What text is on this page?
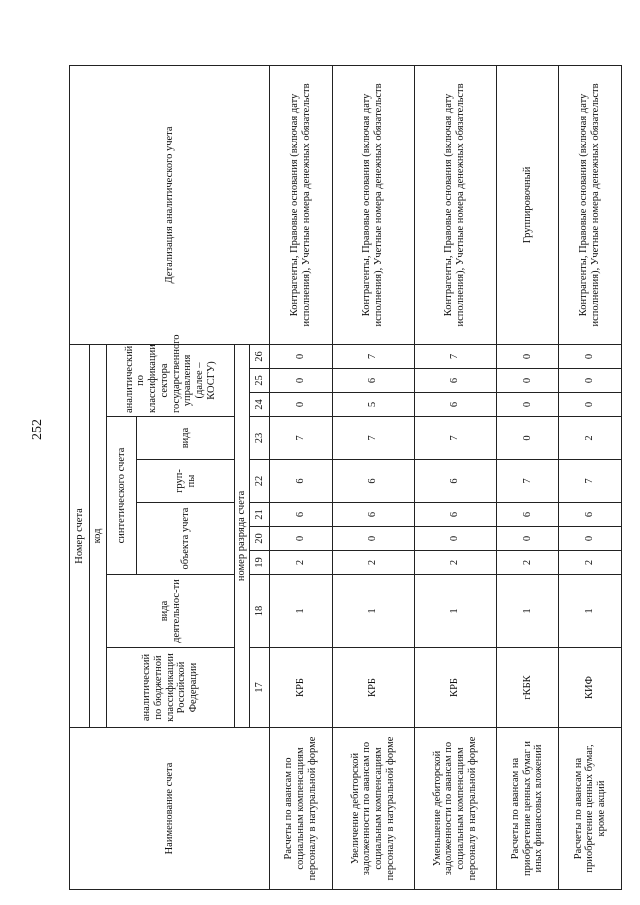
252
Наименование счета	Номер счета										Детализация аналитического учета
	код										
	аналитический по бюджетной классификации Российской Федерации	вида деятельнос-ти	синтетического счета					аналитический по классификации сектора государственного управления (далее – КОСГУ)			
			объекта учета			груп-пы	вида				
	номер разряда счета										
	17	18	19	20	21	22	23	24	25	26	
Расчеты по авансам по социальным компенсациям персоналу в натуральной форме	КРБ	1	2	0	6	6	7	0	0	0	Контрагенты, Правовые основания (включая дату исполнения), Учетные номера денежных обязательств
Увеличение дебиторской задолженности по авансам по социальным компенсациям персоналу в натуральной форме	КРБ	1	2	0	6	6	7	5	6	7	Контрагенты, Правовые основания (включая дату исполнения), Учетные номера денежных обязательств
Уменьшение дебиторской задолженности по авансам по социальным компенсациям персоналу в натуральной форме	КРБ	1	2	0	6	6	7	6	6	7	Контрагенты, Правовые основания (включая дату исполнения), Учетные номера денежных обязательств
Расчеты по авансам на приобретение ценных бумаг и иных финансовых вложений	гКБК	1	2	0	6	7	0	0	0	0	Группировочный
Расчеты по авансам на приобретение ценных бумаг, кроме акций	КИФ	1	2	0	6	7	2	0	0	0	Контрагенты, Правовые основания (включая дату исполнения), Учетные номера денежных обязательств
